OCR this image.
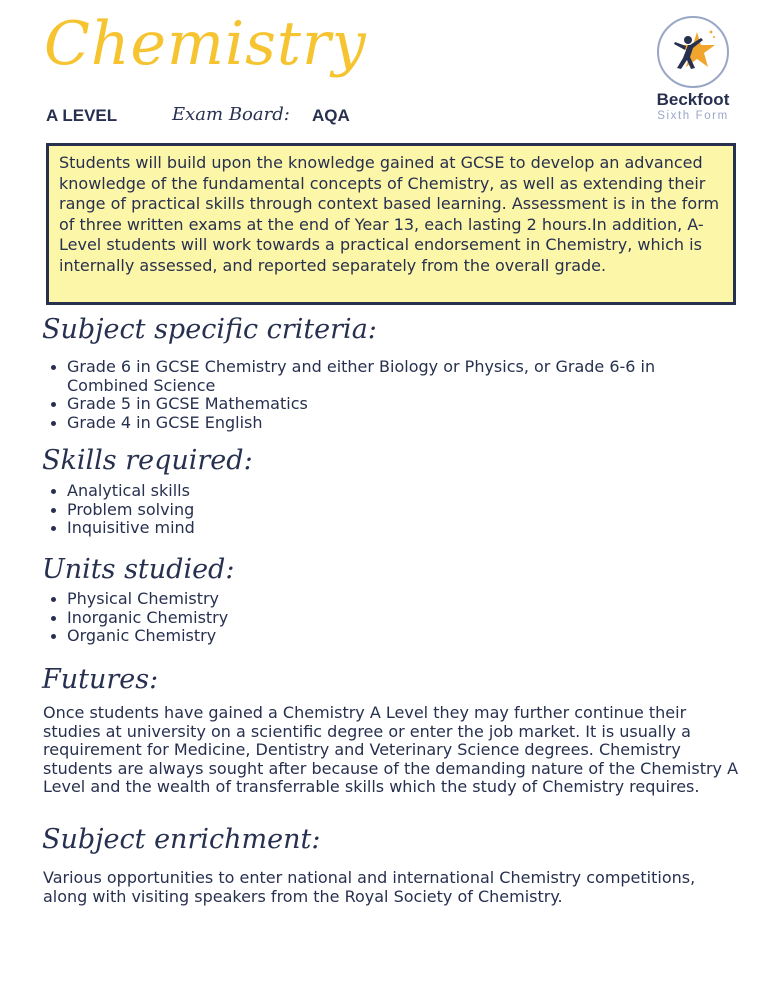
Chemistry
A LEVEL	Exam Board: AQA
Beckfoot
Sixth Form
Students will build upon the knowledge gained at GCSE to develop an advanced knowledge of the fundamental concepts of Chemistry, as well as extending their range of practical skills through context based learning. Assessment is in the form of three written exams at the end of Year 13, each lasting 2 hours.In addition, A-Level students will work towards a practical endorsement in Chemistry, which is internally assessed, and reported separately from the overall grade.
Subject specific criteria:
Grade 6 in GCSE Chemistry and either Biology or Physics, or Grade 6-6 in Combined Science
Grade 5 in GCSE Mathematics
Grade 4 in GCSE English
Skills required:
Analytical skills
Problem solving
Inquisitive mind
Units studied:
Physical Chemistry
Inorganic Chemistry
Organic Chemistry
Futures:
Once students have gained a Chemistry A Level they may further continue their studies at university on a scientific degree or enter the job market. It is usually a requirement for Medicine, Dentistry and Veterinary Science degrees. Chemistry students are always sought after because of the demanding nature of the Chemistry A Level and the wealth of transferrable skills which the study of Chemistry requires.
Subject enrichment:
Various opportunities to enter national and international Chemistry competitions, along with visiting speakers from the Royal Society of Chemistry.
